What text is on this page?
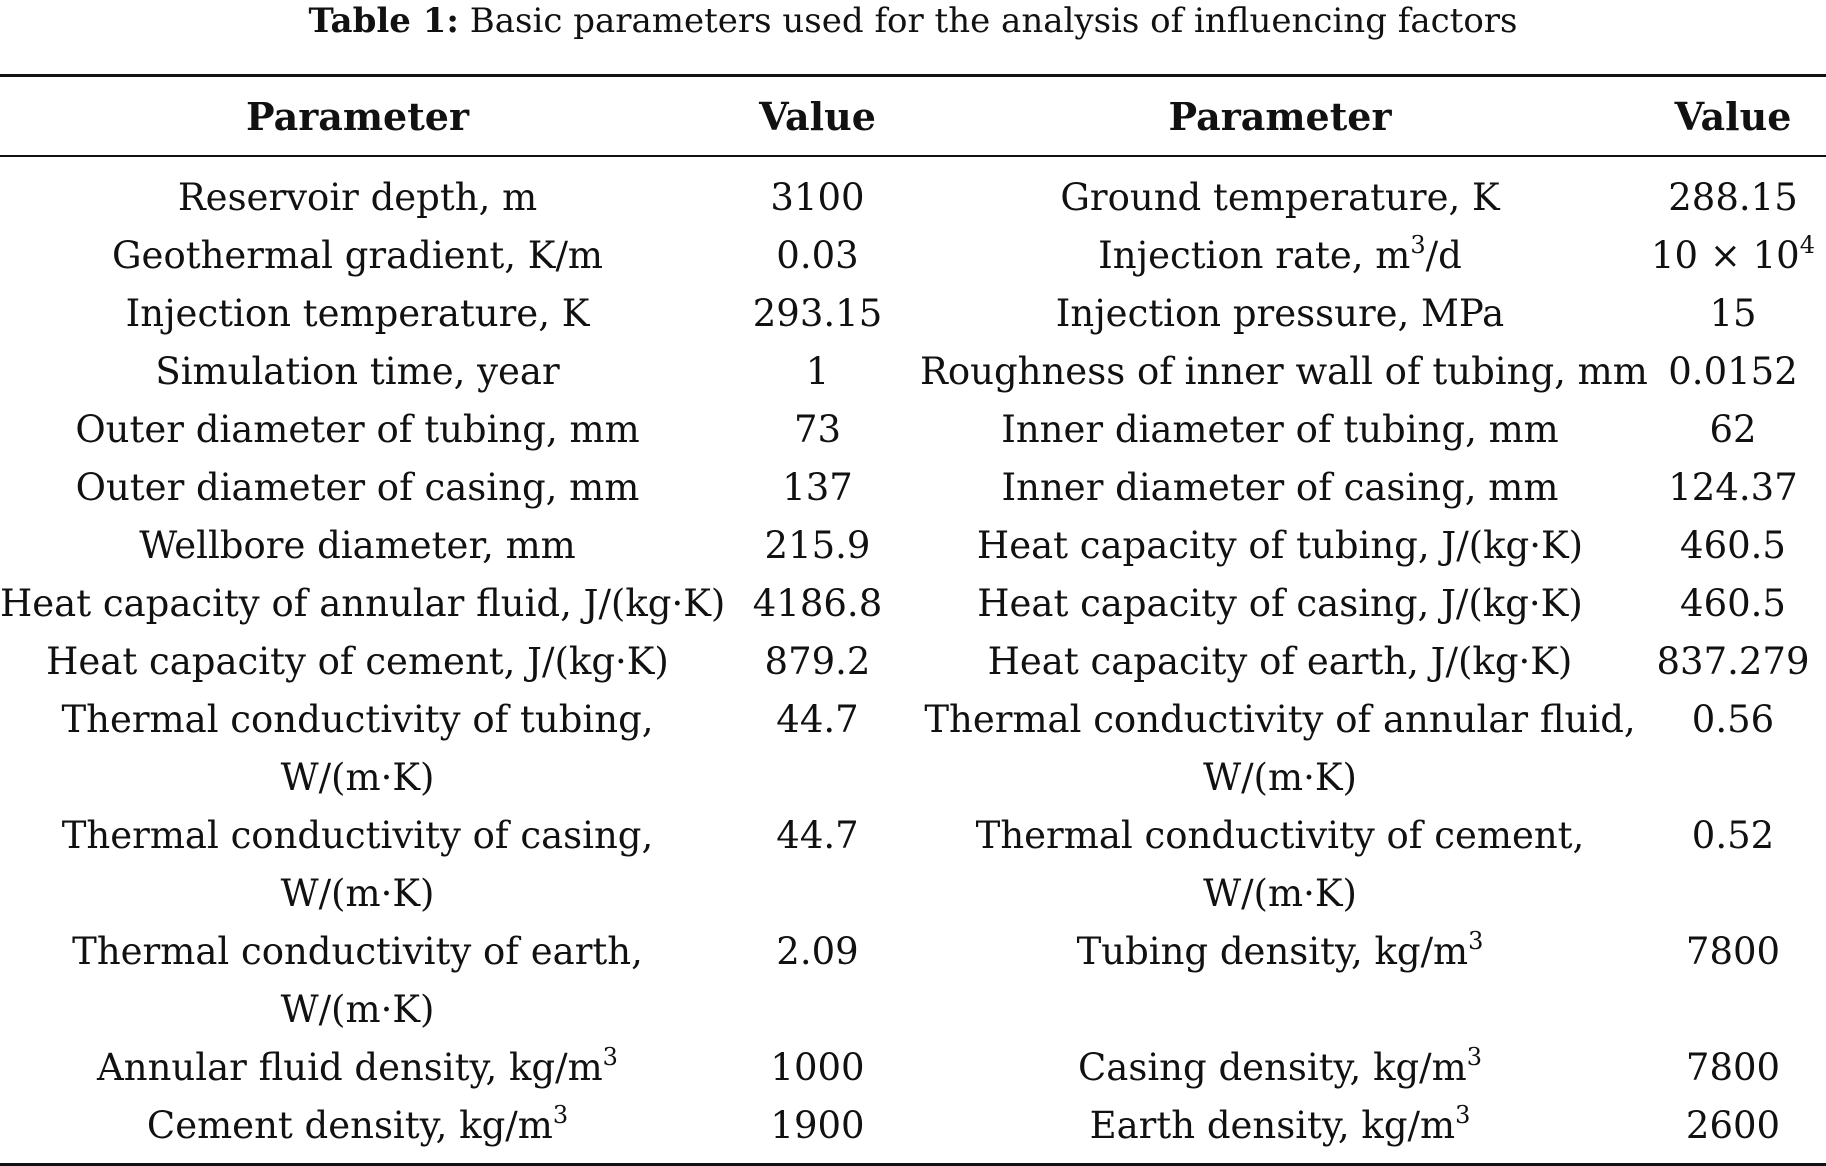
Table 1: Basic parameters used for the analysis of influencing factors
Parameter	Value	Parameter	Value
Reservoir depth, m	3100	Ground temperature, K	288.15
Geothermal gradient, K/m	0.03	Injection rate, $m^3/d$	$10 \times 10^4$
Injection temperature, K	293.15	Injection pressure, MPa	15
Simulation time, year	1	Roughness of inner wall of tubing, mm	0.0152
Outer diameter of tubing, mm	73	Inner diameter of tubing, mm	62
Outer diameter of casing, mm	137	Inner diameter of casing, mm	124.37
Wellbore diameter, mm	215.9	Heat capacity of tubing, J/(kg·K)	460.5
Heat capacity of annular fluid, J/(kg·K)	4186.8	Heat capacity of casing, J/(kg·K)	460.5
Heat capacity of cement, J/(kg·K)	879.2	Heat capacity of earth, J/(kg·K)	837.279
Thermal conductivity of tubing, W/(m·K)	44.7	Thermal conductivity of annular fluid, W/(m·K)	0.56
Thermal conductivity of casing, W/(m·K)	44.7	Thermal conductivity of cement, W/(m·K)	0.52
Thermal conductivity of earth, W/(m·K)	2.09	Tubing density, $kg/m^3$	7800
Annular fluid density, $kg/m^3$	1000	Casing density, $kg/m^3$	7800
Cement density, $kg/m^3$	1900	Earth density, $kg/m^3$	2600
